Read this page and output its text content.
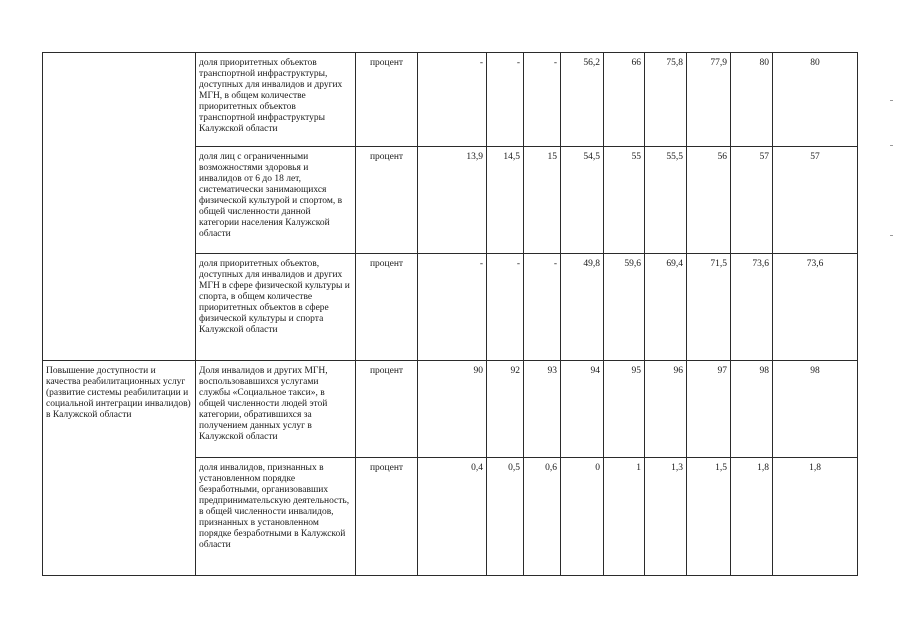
	доля приоритетных объектов транспортной инфраструктуры, доступных для инвалидов и других МГН, в общем количестве приоритетных объектов транспортной инфраструктуры Калужской области	процент	-	-	-	56,2	66	75,8	77,9	80	80
	доля лиц с ограниченными возможностями здоровья и инвалидов от 6 до 18 лет, систематически занимающихся физической культурой и спортом, в общей численности данной категории населения Калужской области	процент	13,9	14,5	15	54,5	55	55,5	56	57	57
	доля приоритетных объектов, доступных для инвалидов и других МГН в сфере физической культуры и спорта, в общем количестве приоритетных объектов в сфере физической культуры и спорта Калужской области	процент	-	-	-	49,8	59,6	69,4	71,5	73,6	73,6
Повышение доступности и качества реабилитационных услуг (развитие системы реабилитации и социальной интеграции инвалидов) в Калужской области	Доля инвалидов и других МГН, воспользовавшихся услугами службы «Социальное такси», в общей численности людей этой категории, обратившихся за получением данных услуг в Калужской области	процент	90	92	93	94	95	96	97	98	98
	доля инвалидов, признанных в установленном порядке безработными, организовавших предпринимательскую деятельность, в общей численности инвалидов, признанных в установленном порядке безработными в Калужской области	процент	0,4	0,5	0,6	0	1	1,3	1,5	1,8	1,8
